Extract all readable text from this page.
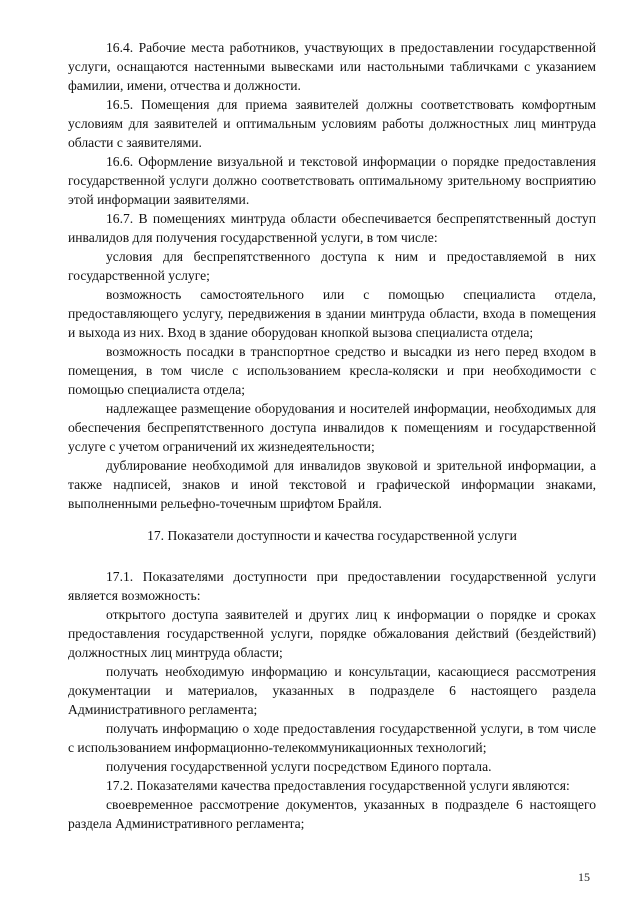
16.4. Рабочие места работников, участвующих в предоставлении государственной услуги, оснащаются настенными вывесками или настольными табличками с указанием фамилии, имени, отчества и должности.

16.5. Помещения для приема заявителей должны соответствовать комфортным условиям для заявителей и оптимальным условиям работы должностных лиц минтруда области с заявителями.

16.6. Оформление визуальной и текстовой информации о порядке предоставления государственной услуги должно соответствовать оптимальному зрительному восприятию этой информации заявителями.

16.7. В помещениях минтруда области обеспечивается беспрепятственный доступ инвалидов для получения государственной услуги, в том числе:

условия для беспрепятственного доступа к ним и предоставляемой в них государственной услуге;

возможность самостоятельного или с помощью специалиста отдела, предоставляющего услугу, передвижения в здании минтруда области, входа в помещения и выхода из них. Вход в здание оборудован кнопкой вызова специалиста отдела;

возможность посадки в транспортное средство и высадки из него перед входом в помещения, в том числе с использованием кресла-коляски и при необходимости с помощью специалиста отдела;

надлежащее размещение оборудования и носителей информации, необходимых для обеспечения беспрепятственного доступа инвалидов к помещениям и государственной услуге с учетом ограничений их жизнедеятельности;

дублирование необходимой для инвалидов звуковой и зрительной информации, а также надписей, знаков и иной текстовой и графической информации знаками, выполненными рельефно-точечным шрифтом Брайля.

17. Показатели доступности и качества государственной услуги

17.1. Показателями доступности при предоставлении государственной услуги является возможность:

открытого доступа заявителей и других лиц к информации о порядке и сроках предоставления государственной услуги, порядке обжалования действий (бездействий) должностных лиц минтруда области;

получать необходимую информацию и консультации, касающиеся рассмотрения документации и материалов, указанных в подразделе 6 настоящего раздела Административного регламента;

получать информацию о ходе предоставления государственной услуги, в том числе с использованием информационно-телекоммуникационных технологий;

получения государственной услуги посредством Единого портала.

17.2. Показателями качества предоставления государственной услуги являются:

своевременное рассмотрение документов, указанных в подразделе 6 настоящего раздела Административного регламента;

15
